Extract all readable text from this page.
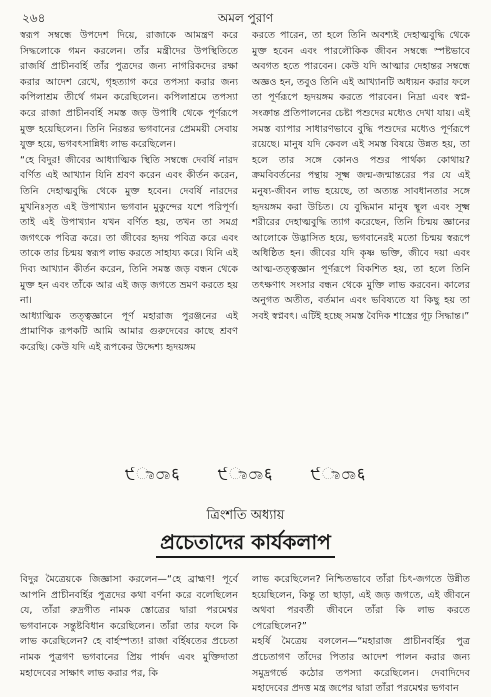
২৬৪	অমল পুরাণ

স্বরূপ সম্বন্ধে উপদেশ দিয়ে, রাজাকে আমন্ত্রণ করে সিদ্ধলোকে গমন করলেন। তাঁর মন্ত্রীদের উপস্থিতিতে রাজর্ষি প্রাচীনবর্হি তাঁর পুত্রদের জন্য নাগরিকদের রক্ষা করার আদেশ রেখে, গৃহত্যাগ করে তপস্যা করার জন্য কপিলাশ্রম তীর্থে গমন করেছিলেন। কপিলাশ্রমে তপস্যা করে রাজা প্রাচীনবর্হি সমস্ত জড় উপাধি থেকে পূর্ণরূপে মুক্ত হয়েছিলেন। তিনি নিরন্তর ভগবানের প্রেমময়ী সেবায় যুক্ত হয়ে, ভগবৎসান্নিধ্য লাভ করেছিলেন।

“হে বিদুর! জীবের আধ্যাত্মিক স্থিতি সম্বন্ধে দেবর্ষি নারদ বর্ণিত এই আখ্যান যিনি শ্রবণ করেন এবং কীর্তন করেন, তিনি দেহাত্মবুদ্ধি থেকে মুক্ত হবেন। দেবর্ষি নারদের মুখনিঃসৃত এই উপাখ্যান ভগবান মুকুন্দের যশে পরিপূর্ণ। তাই এই উপাখ্যান যখন বর্ণিত হয়, তখন তা সমগ্র জগৎকে পবিত্র করে। তা জীবের হৃদয় পবিত্র করে এবং তাকে তার চিন্ময় স্বরূপ লাভ করতে সাহায্য করে। যিনি এই দিব্য আখ্যান কীর্তন করেন, তিনি সমস্ত জড় বন্ধন থেকে মুক্ত হন এবং তাঁকে আর এই জড় জগতে ভ্রমণ করতে হয় না।

আধ্যাত্মিক তত্ত্বজ্ঞানে পূর্ণ মহারাজ পুরঞ্জনের এই প্রামাণিক রূপকটি আমি আমার গুরুদেবের কাছে শ্রবণ করেছি। কেউ যদি এই রূপকের উদ্দেশ্য হৃদয়ঙ্গম

করতে পারেন, তা হলে তিনি অবশ্যই দেহাত্মবুদ্ধি থেকে মুক্ত হবেন এবং পারলৌকিক জীবন সম্বন্ধে স্পষ্টভাবে অবগত হতে পারবেন। কেউ যদি আত্মার দেহান্তর সম্বন্ধে অজ্ঞও হন, তবুও তিনি এই আখ্যানটি অধ্যয়ন করার ফলে তা পূর্ণরূপে হৃদয়ঙ্গম করতে পারবেন। নিদ্রা এবং স্বপ্ন-সংক্রান্ত প্রতিপালনের চেষ্টা পশুদের মধ্যেও দেখা যায়। এই সমস্ত ব্যাপার সাধারণভাবে বুদ্ধি পশুদের মধ্যেও পূর্ণরূপে রয়েছে। মানুষ যদি কেবল এই সমস্ত বিষয়ে উন্নত হয়, তা হলে তার সঙ্গে কোনও পশুর পার্থক্য কোথায়? ক্রমবিবর্তনের পন্থায় সূক্ষ্ম জন্ম-জন্মান্তরের পর যে এই মনুষ্য-জীবন লাভ হয়েছে, তা অত্যন্ত সাবধানতার সঙ্গে হৃদয়ঙ্গম করা উচিত। যে বুদ্ধিমান মানুষ স্থূল এবং সূক্ষ্ম শরীরের দেহাত্মবুদ্ধি ত্যাগ করেছেন, তিনি চিন্ময় জ্ঞানের আলোকে উদ্ভাসিত হয়ে, ভগবানেরই মতো চিন্ময় স্বরূপে অধিষ্ঠিত হন। জীবের যদি কৃষ্ণ ভক্তি, জীবে দয়া এবং আত্ম-তত্ত্বজ্ঞান পূর্ণরূপে বিকশিত হয়, তা হলে তিনি তৎক্ষণাৎ সংসার বন্ধন থেকে মুক্তি লাভ করবেন। কালের অনুগত অতীত, বর্তমান এবং ভবিষ্যতে যা কিছু হয় তা সবই স্বপ্নবৎ। এটিই হচ্ছে সমস্ত বৈদিক শাস্ত্রের গূঢ় সিদ্ধান্ত।”

੯ಾ೦ಾ६ ੯ಾ೦ಾ६ ੯ಾ೦ಾ६
ত্রিংশতি অধ্যায়
প্রচেতাদের কার্যকলাপ

বিদুর মৈত্রেয়কে জিজ্ঞাসা করলেন—“হে ব্রাহ্মণ! পূর্বে আপনি প্রাচীনবর্হির পুত্রদের কথা বর্ণনা করে বলেছিলেন যে, তাঁরা রুদ্রগীত নামক স্তোত্রের দ্বারা পরমেশ্বর ভগবানকে সন্তুষ্টবিধান করেছিলেন। তাঁরা তার ফলে কি লাভ করেছিলেন? হে বার্হস্পত্য! রাজা বর্হিষতের প্রচেতা নামক পুত্রগণ ভগবানের প্রিয় পার্ষদ এবং মুক্তিদাতা মহাদেবের সাক্ষাৎ লাভ করার পর, কি

লাভ করেছিলেন? নিশ্চিতভাবে তাঁরা চিৎ-জগতে উন্নীত হয়েছিলেন, কিন্তু তা ছাড়া, এই জড় জগতে, এই জীবনে অথবা পরবর্তী জীবনে তাঁরা কি লাভ করতে পেরেছিলেন?”

মহর্ষি মৈত্রেয় বললেন—“মহারাজ প্রাচীনবর্হির পুত্র প্রচেতাগণ তাঁদের পিতার আদেশ পালন করার জন্য সমুদ্রগর্ভে কঠোর তপস্যা করেছিলেন। দেবাদিদেব মহাদেবের প্রদত্ত মন্ত্র জপের দ্বারা তাঁরা পরমেশ্বর ভগবান
